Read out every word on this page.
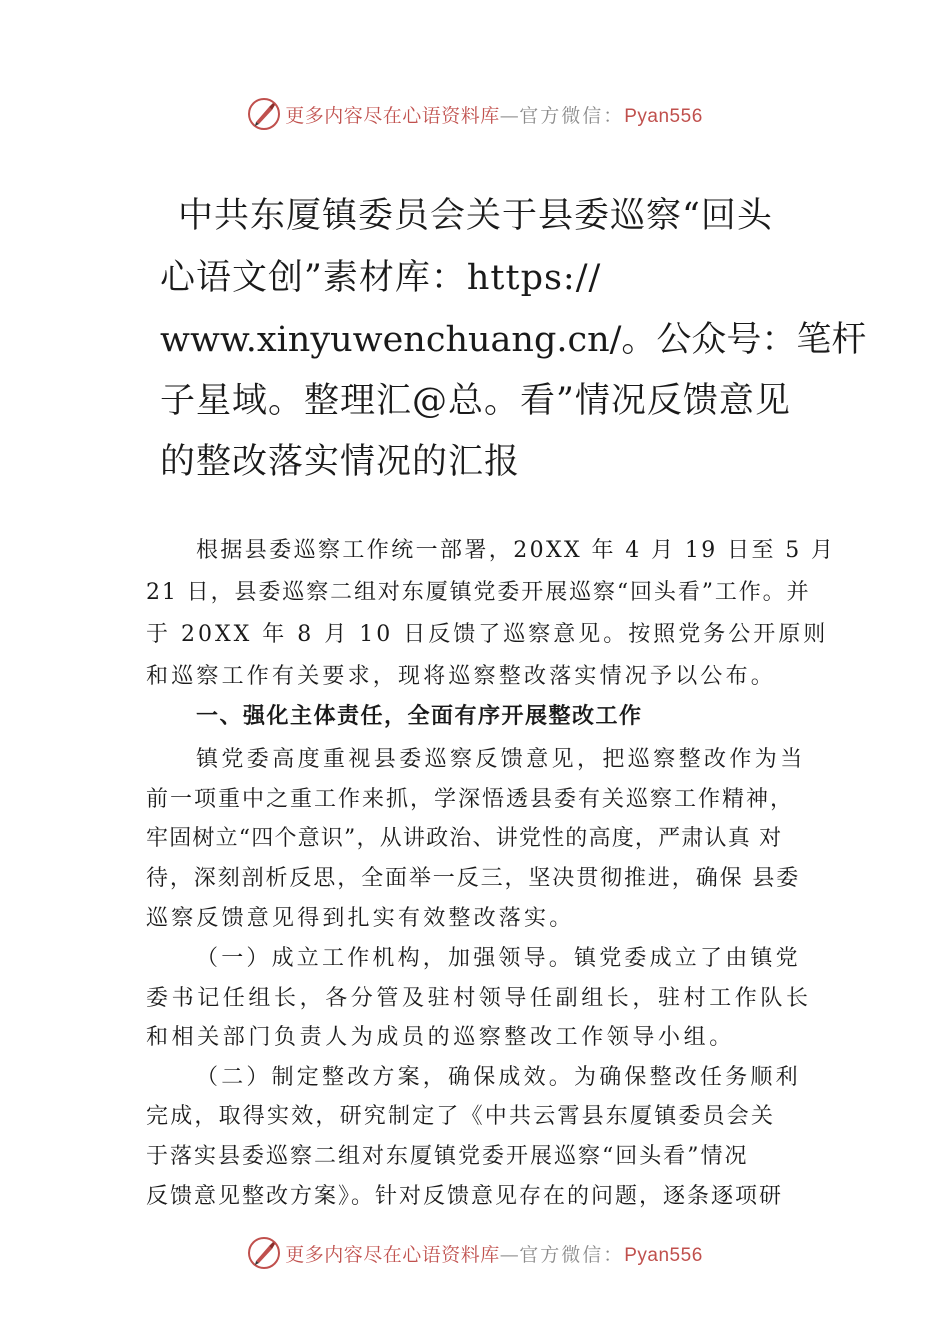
更多内容尽在心语资料库—官方微信：Pyan556
中共东厦镇委员会关于县委巡察“回头
心语文创”素材库：https://
www.xinyuwenchuang.cn/。公众号：笔杆
子星域。整理汇@总。看”情况反馈意见
的整改落实情况的汇报
根据县委巡察工作统一部署，20XX 年 4 月 19 日至 5 月
21 日，县委巡察二组对东厦镇党委开展巡察“回头看”工作。并
于 20XX 年 8 月 10 日反馈了巡察意见。按照党务公开原则
和巡察工作有关要求，现将巡察整改落实情况予以公布。
一、强化主体责任，全面有序开展整改工作
镇党委高度重视县委巡察反馈意见，把巡察整改作为当
前一项重中之重工作来抓，学深悟透县委有关巡察工作精神，
牢固树立“四个意识”，从讲政治、讲党性的高度，严肃认真 对
待，深刻剖析反思，全面举一反三，坚决贯彻推进，确保 县委
巡察反馈意见得到扎实有效整改落实。
（一）成立工作机构，加强领导。镇党委成立了由镇党
委书记任组长，各分管及驻村领导任副组长，驻村工作队长
和相关部门负责人为成员的巡察整改工作领导小组。
（二）制定整改方案，确保成效。为确保整改任务顺利
完成，取得实效，研究制定了《中共云霄县东厦镇委员会关
于落实县委巡察二组对东厦镇党委开展巡察“回头看”情况
反馈意见整改方案》。针对反馈意见存在的问题，逐条逐项研
更多内容尽在心语资料库—官方微信：Pyan556
